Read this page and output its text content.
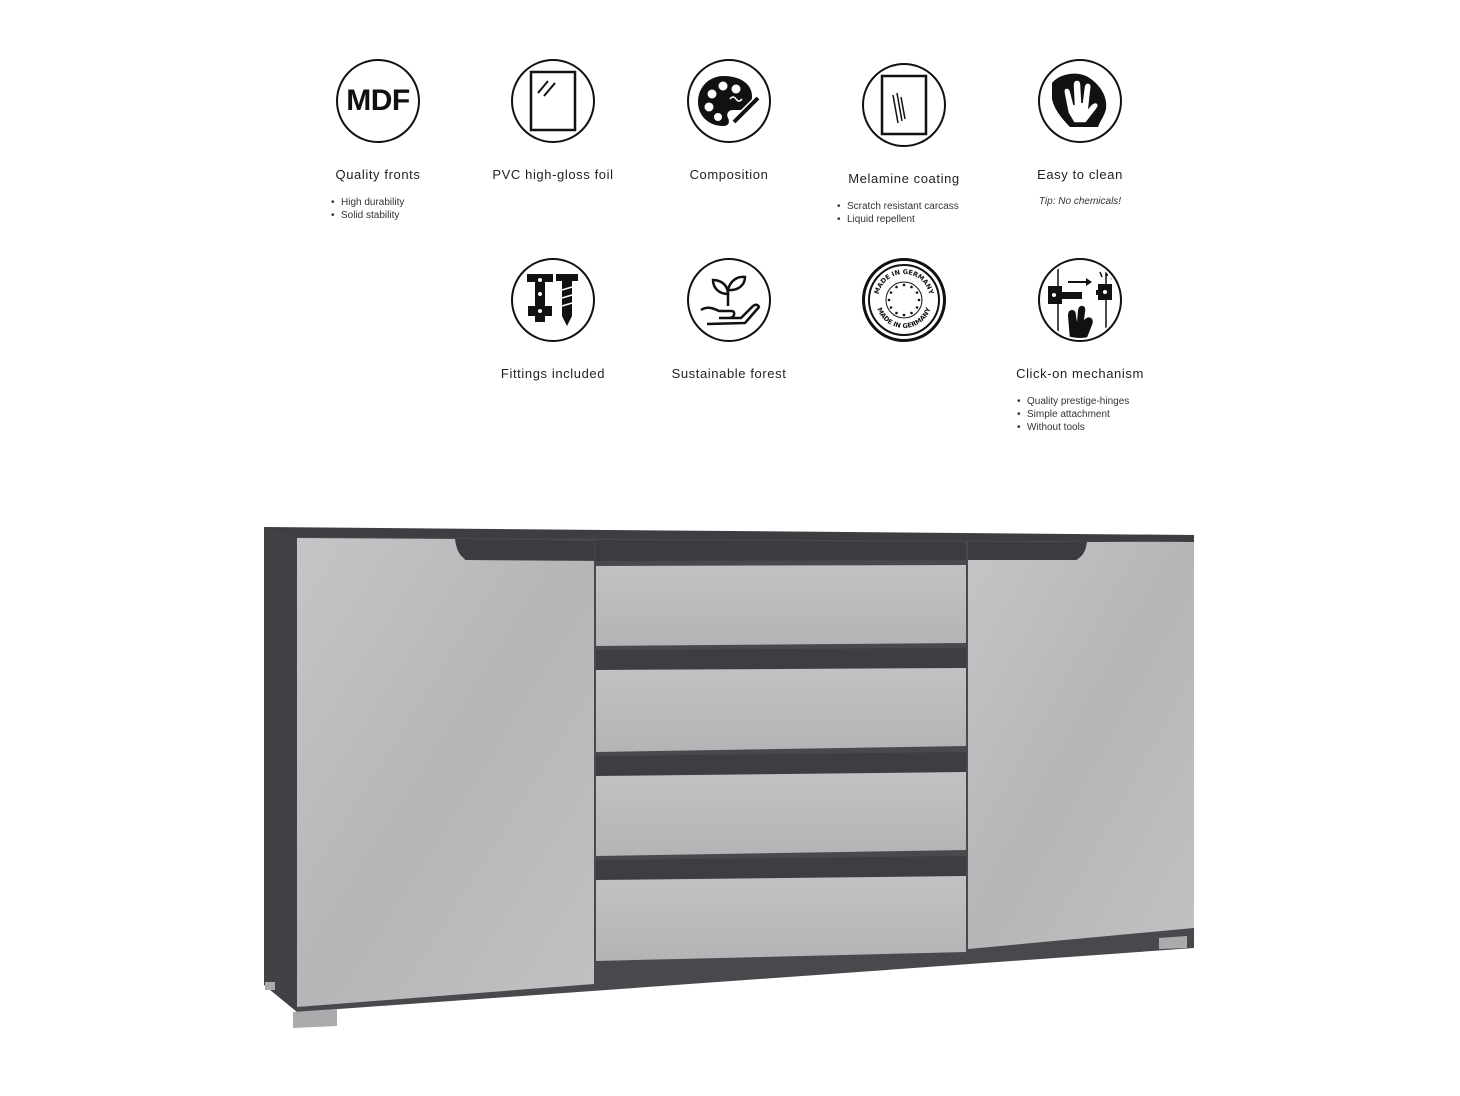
MDF
Quality fronts
• High durability
• Solid stability
PVC high-gloss foil	Composition	Melamine coating
• Scratch resistant carcass
• Liquid repellent
Easy to clean
Tip: No chemicals!
Fittings included	Sustainable forest
MADE IN GERMANY
MADE IN GERMANY
Click-on mechanism
• Quality prestige-hinges
• Simple attachment
• Without tools
